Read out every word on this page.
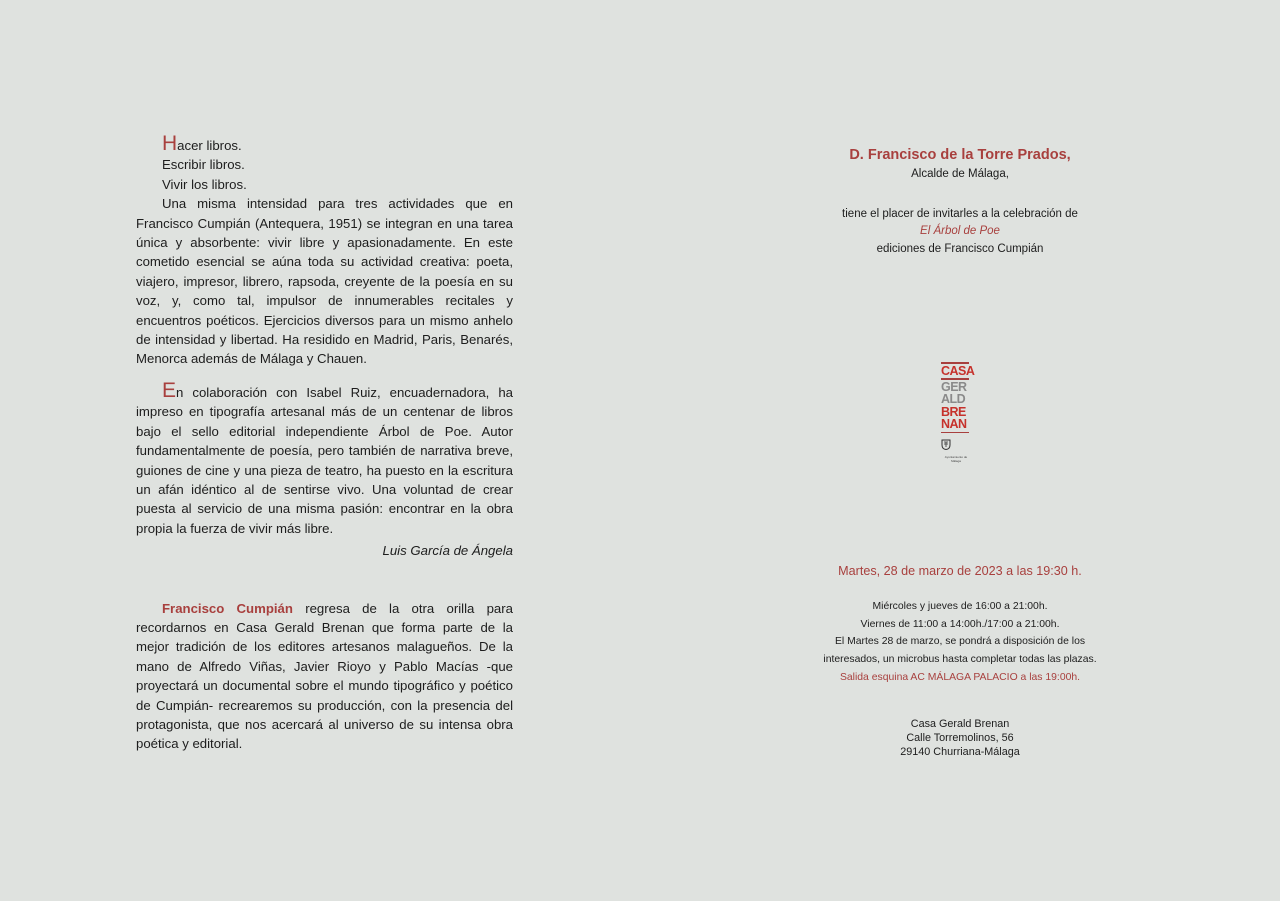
Hacer libros.

Escribir libros.

Vivir los libros.

Una misma intensidad para tres actividades que en Francisco Cumpián (Antequera, 1951) se integran en una tarea única y absorbente: vivir libre y apasionadamente. En este cometido esencial se aúna toda su actividad creativa: poeta, viajero, impresor, librero, rapsoda, creyente de la poesía en su voz, y, como tal, impulsor de innumerables recitales y encuentros poéticos. Ejercicios diversos para un mismo anhelo de intensidad y libertad. Ha residido en Madrid, Paris, Benarés, Menorca además de Málaga y Chauen.

En colaboración con Isabel Ruiz, encuadernadora, ha impreso en tipografía artesanal más de un centenar de libros bajo el sello editorial independiente Árbol de Poe. Autor fundamentalmente de poesía, pero también de narrativa breve, guiones de cine y una pieza de teatro, ha puesto en la escritura un afán idéntico al de sentirse vivo. Una voluntad de crear puesta al servicio de una misma pasión: encontrar en la obra propia la fuerza de vivir más libre.

Luis García de Ángela

Francisco Cumpián regresa de la otra orilla para recordarnos en Casa Gerald Brenan que forma parte de la mejor tradición de los editores artesanos malagueños. De la mano de Alfredo Viñas, Javier Rioyo y Pablo Macías -que proyectará un documental sobre el mundo tipográfico y poético de Cumpián- recrearemos su producción, con la presencia del protagonista, que nos acercará al universo de su intensa obra poética y editorial.

D. Francisco de la Torre Prados,

Alcalde de Málaga,

tiene el placer de invitarles a la celebración de

El Árbol de Poe

ediciones de Francisco Cumpián

CASA
GER
ALD
BRE
NAN
Ayuntamiento de Málaga
Martes, 28 de marzo de 2023 a las 19:30 h.

Miércoles y jueves de 16:00 a 21:00h.

Viernes de 11:00 a 14:00h./17:00 a 21:00h.

El Martes 28 de marzo, se pondrá a disposición de los

interesados, un microbus hasta completar todas las plazas.

Salida esquina AC MÁLAGA PALACIO a las 19:00h.

Casa Gerald Brenan

Calle Torremolinos, 56

29140 Churriana-Málaga
